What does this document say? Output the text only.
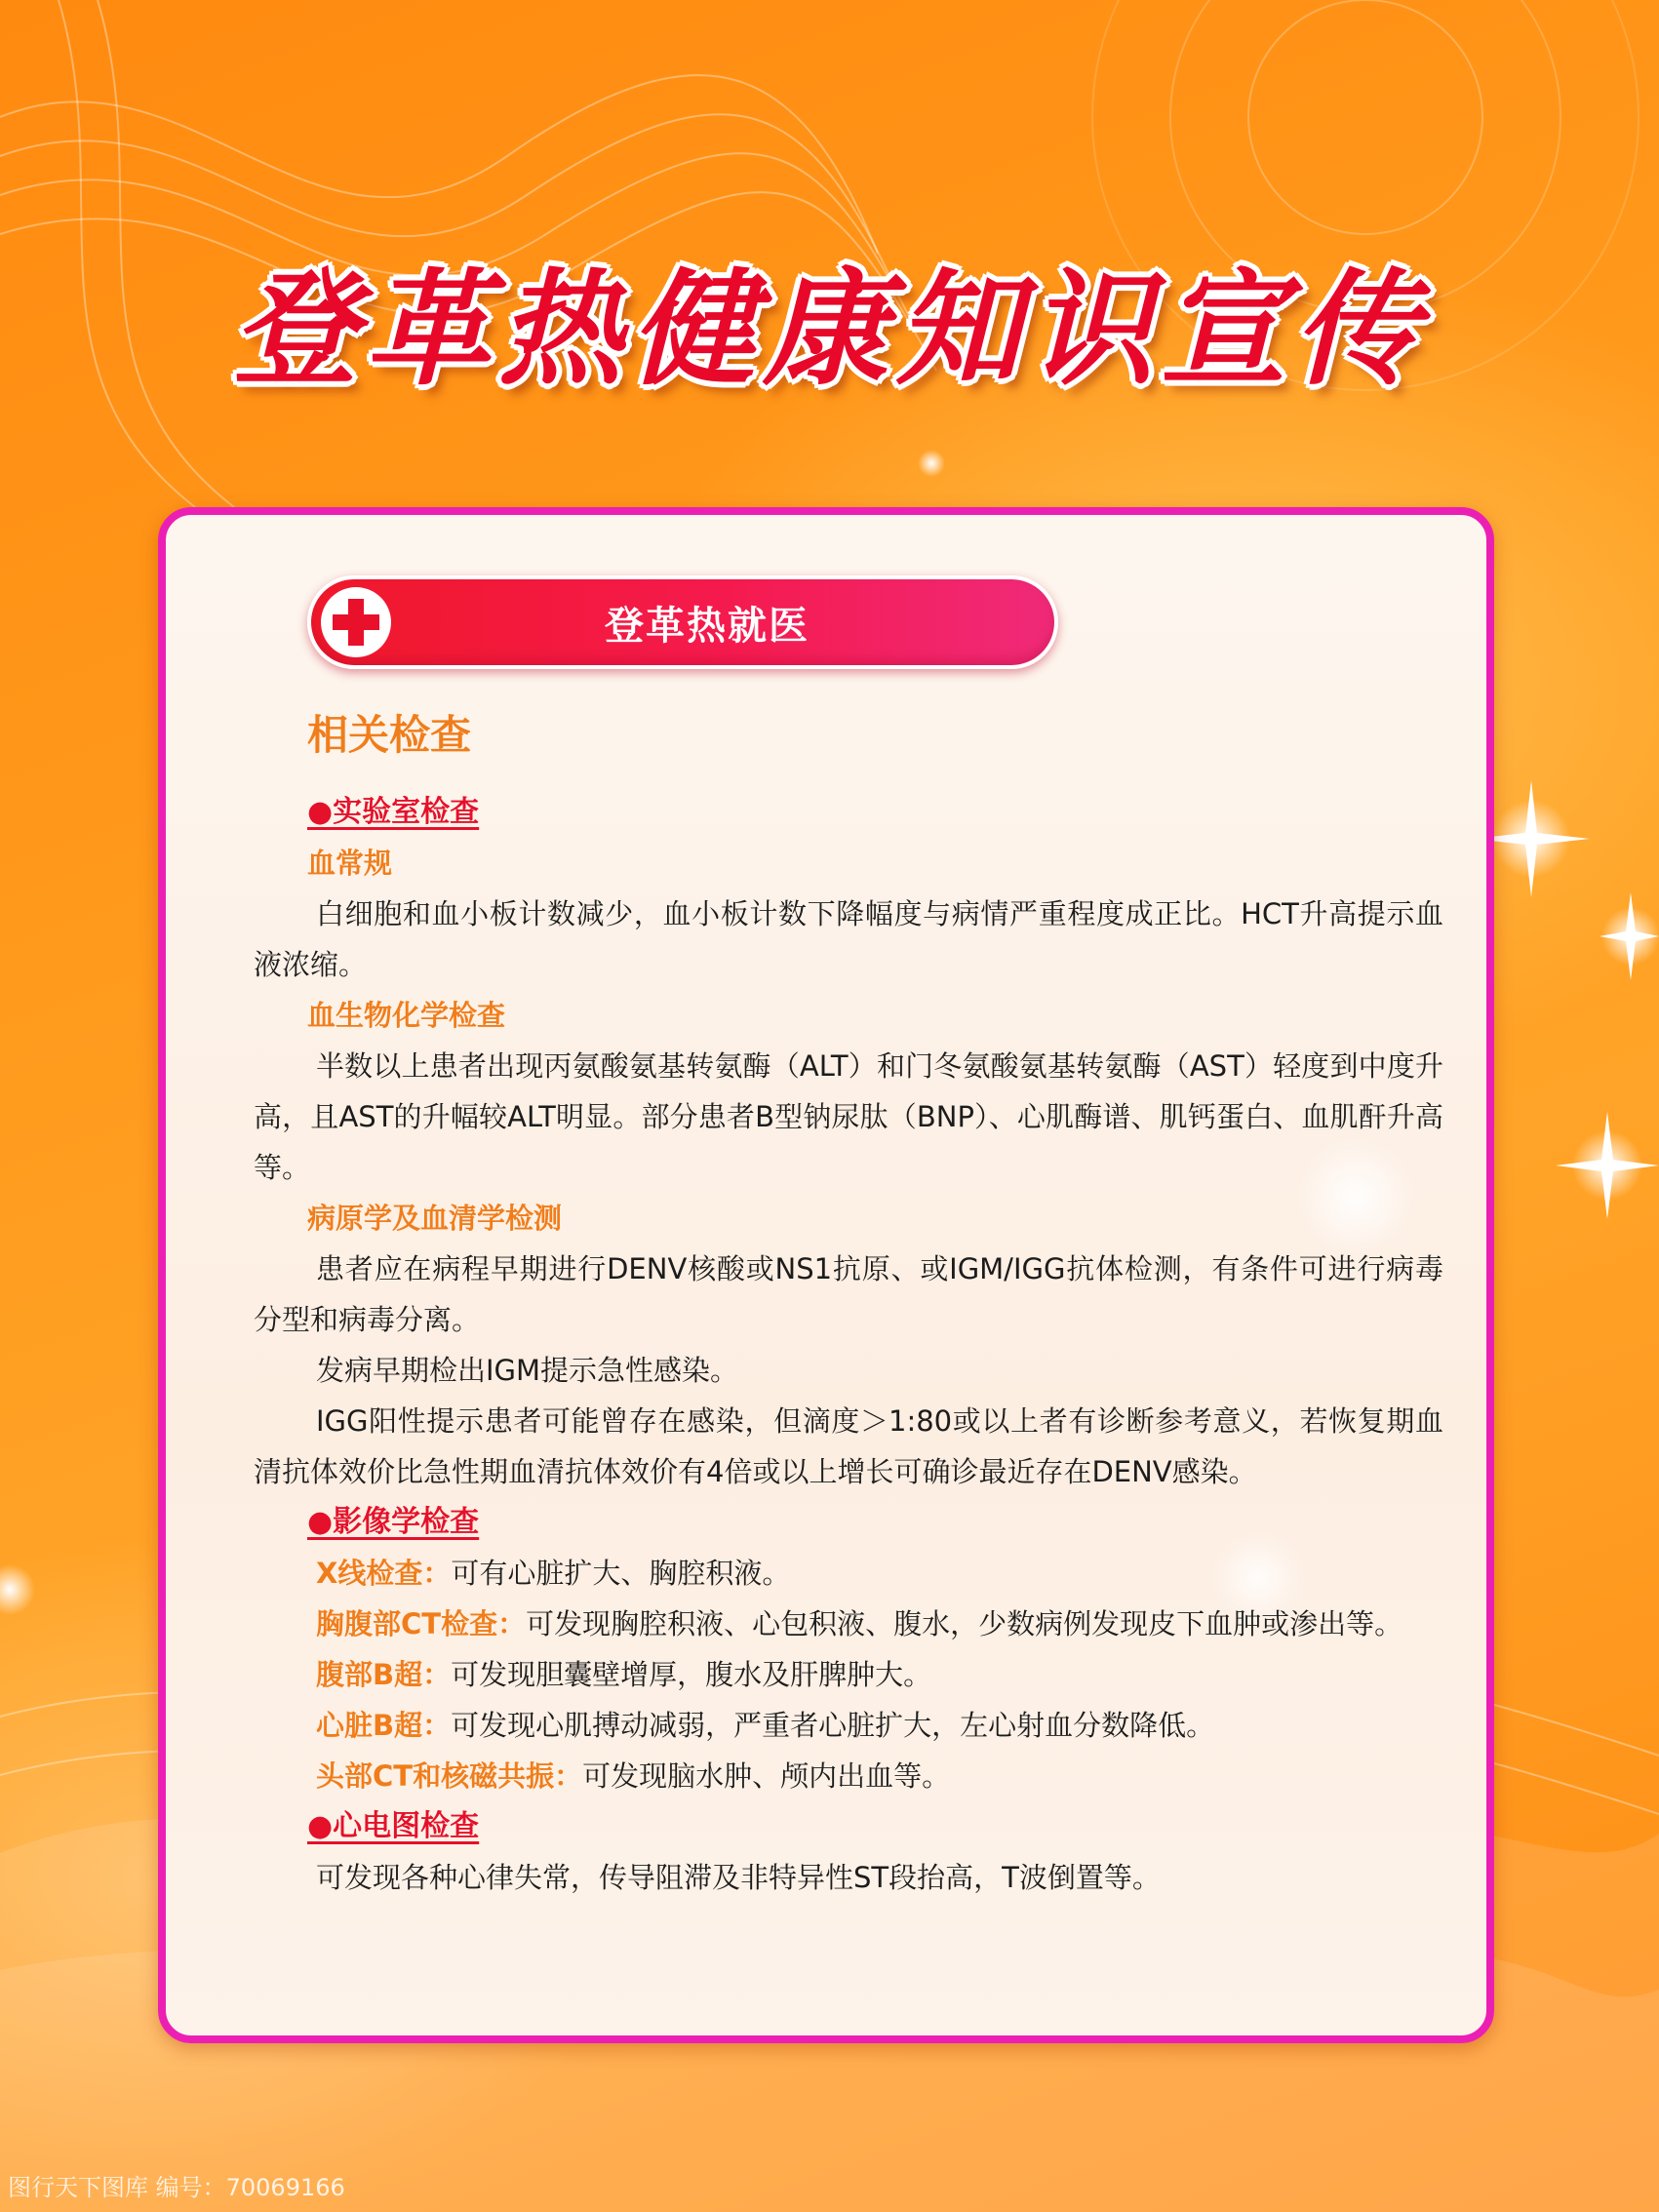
登革热健康知识宣传
登革热就医
相关检查
●实验室检查
血常规
白细胞和血小板计数减少，血小板计数下降幅度与病情严重程度成正比。HCT升高提示血液浓缩。
血生物化学检查
半数以上患者出现丙氨酸氨基转氨酶（ALT）和门冬氨酸氨基转氨酶（AST）轻度到中度升高，且AST的升幅较ALT明显。部分患者B型钠尿肽（BNP）、心肌酶谱、肌钙蛋白、血肌酐升高等。
病原学及血清学检测
患者应在病程早期进行DENV核酸或NS1抗原、或IGM/IGG抗体检测，有条件可进行病毒分型和病毒分离。
发病早期检出IGM提示急性感染。
IGG阳性提示患者可能曾存在感染，但滴度＞1:80或以上者有诊断参考意义，若恢复期血清抗体效价比急性期血清抗体效价有4倍或以上增长可确诊最近存在DENV感染。
●影像学检查
X线检查：可有心脏扩大、胸腔积液。
胸腹部CT检查：可发现胸腔积液、心包积液、腹水，少数病例发现皮下血肿或渗出等。
腹部B超：可发现胆囊壁增厚，腹水及肝脾肿大。
心脏B超：可发现心肌搏动减弱，严重者心脏扩大，左心射血分数降低。
头部CT和核磁共振：可发现脑水肿、颅内出血等。
●心电图检查
可发现各种心律失常，传导阻滞及非特异性ST段抬高，T波倒置等。
图行天下图库 编号：70069166
